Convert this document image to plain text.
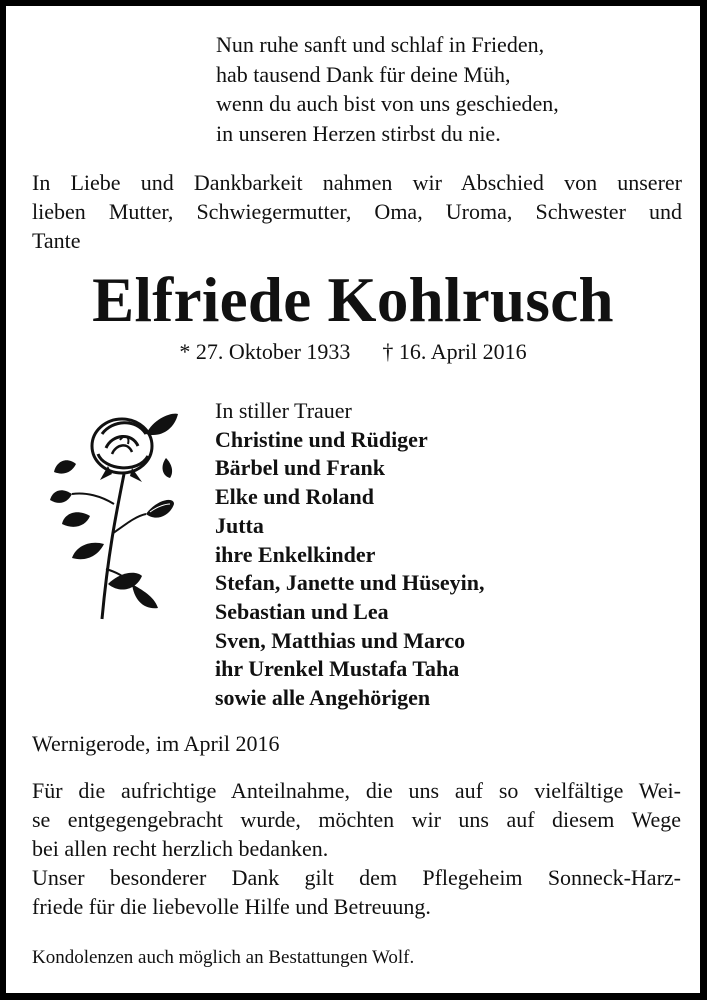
Nun ruhe sanft und schlaf in Frieden,
hab tausend Dank für deine Müh,
wenn du auch bist von uns geschieden,
in unseren Herzen stirbst du nie.
In Liebe und Dankbarkeit nahmen wir Abschied von unserer
lieben Mutter, Schwiegermutter, Oma, Uroma, Schwester und
Tante
Elfriede Kohlrusch
* 27. Oktober 1933 † 16. April 2016
In stiller Trauer
Christine und Rüdiger
Bärbel und Frank
Elke und Roland
Jutta
ihre Enkelkinder
Stefan, Janette und Hüseyin,
Sebastian und Lea
Sven, Matthias und Marco
ihr Urenkel Mustafa Taha
sowie alle Angehörigen
Wernigerode, im April 2016
Für die aufrichtige Anteilnahme, die uns auf so vielfältige Wei-
se entgegengebracht wurde, möchten wir uns auf diesem Wege
bei allen recht herzlich bedanken.
Unser besonderer Dank gilt dem Pflegeheim Sonneck-Harz-
friede für die liebevolle Hilfe und Betreuung.
Kondolenzen auch möglich an Bestattungen Wolf.
